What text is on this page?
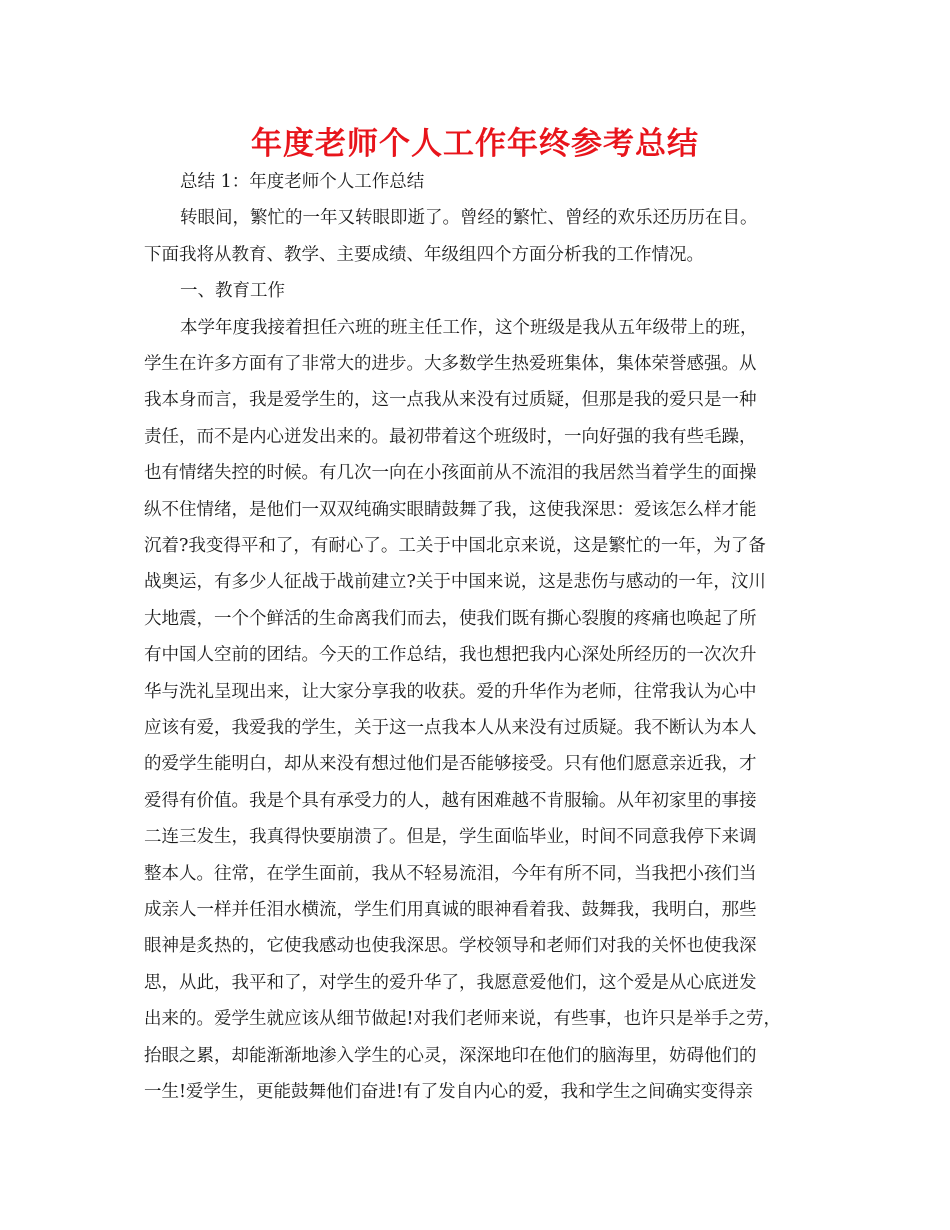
年度老师个人工作年终参考总结
总结 1：年度老师个人工作总结
转眼间，繁忙的一年又转眼即逝了。曾经的繁忙、曾经的欢乐还历历在目。
下面我将从教育、教学、主要成绩、年级组四个方面分析我的工作情况。
一、教育工作
本学年度我接着担任六班的班主任工作，这个班级是我从五年级带上的班，
学生在许多方面有了非常大的进步。大多数学生热爱班集体，集体荣誉感强。从
我本身而言，我是爱学生的，这一点我从来没有过质疑，但那是我的爱只是一种
责任，而不是内心迸发出来的。最初带着这个班级时，一向好强的我有些毛躁，
也有情绪失控的时候。有几次一向在小孩面前从不流泪的我居然当着学生的面操
纵不住情绪，是他们一双双纯确实眼睛鼓舞了我，这使我深思：爱该怎么样才能
沉着?我变得平和了，有耐心了。工关于中国北京来说，这是繁忙的一年，为了备
战奥运，有多少人征战于战前建立?关于中国来说，这是悲伤与感动的一年，汶川
大地震，一个个鲜活的生命离我们而去，使我们既有撕心裂腹的疼痛也唤起了所
有中国人空前的团结。今天的工作总结，我也想把我内心深处所经历的一次次升
华与洗礼呈现出来，让大家分享我的收获。爱的升华作为老师，往常我认为心中
应该有爱，我爱我的学生，关于这一点我本人从来没有过质疑。我不断认为本人
的爱学生能明白，却从来没有想过他们是否能够接受。只有他们愿意亲近我，才
爱得有价值。我是个具有承受力的人，越有困难越不肯服输。从年初家里的事接
二连三发生，我真得快要崩溃了。但是，学生面临毕业，时间不同意我停下来调
整本人。往常，在学生面前，我从不轻易流泪，今年有所不同，当我把小孩们当
成亲人一样并任泪水横流，学生们用真诚的眼神看着我、鼓舞我，我明白，那些
眼神是炙热的，它使我感动也使我深思。学校领导和老师们对我的关怀也使我深
思，从此，我平和了，对学生的爱升华了，我愿意爱他们，这个爱是从心底迸发
出来的。爱学生就应该从细节做起!对我们老师来说，有些事，也许只是举手之劳，
抬眼之累，却能渐渐地渗入学生的心灵，深深地印在他们的脑海里，妨碍他们的
一生!爱学生，更能鼓舞他们奋进!有了发自内心的爱，我和学生之间确实变得亲
